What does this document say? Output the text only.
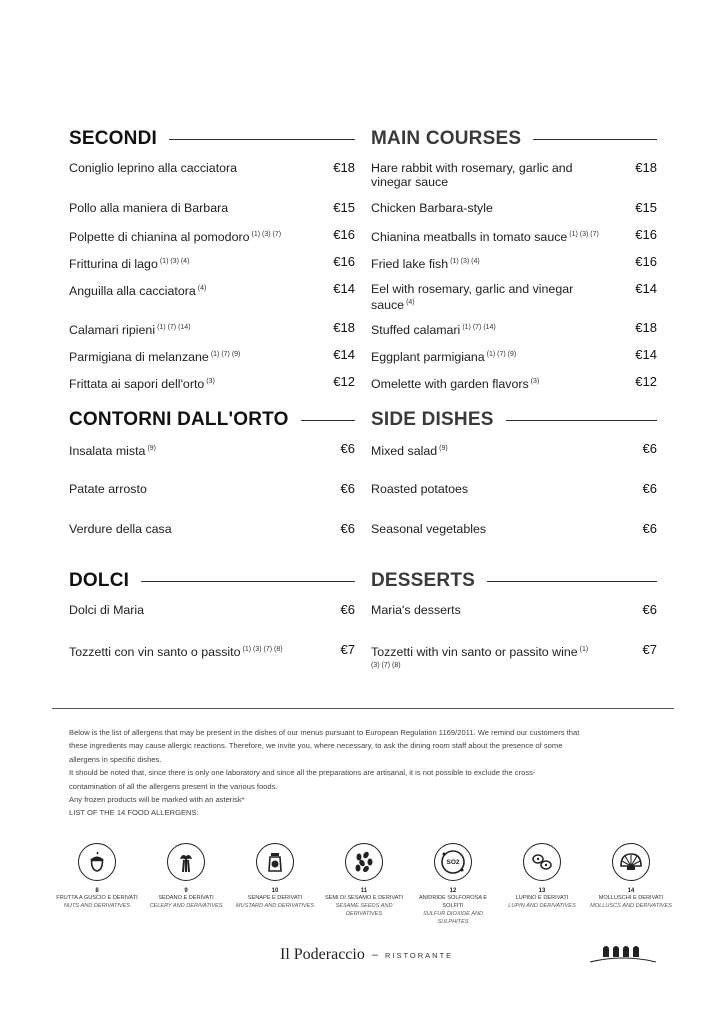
SECONDI
Coniglio leprino alla cacciatora	€18
Pollo alla maniera di Barbara	€15
Polpette di chianina al pomodoro $^{(1) (3) (7)}$	€16
Fritturina di lago $^{(1) (3) (4)}$	€16
Anguilla alla cacciatora $^{(4)}$	€14
Calamari ripieni $^{(1) (7) (14)}$	€18
Parmigiana di melanzane $^{(1) (7) (9)}$	€14
Frittata ai sapori dell'orto $^{(3)}$	€12
CONTORNI DALL'ORTO
Insalata mista $^{(9)}$	€6
Patate arrosto	€6
Verdure della casa	€6
DOLCI
Dolci di Maria	€6
Tozzetti con vin santo o passito $^{(1) (3) (7) (8)}$	€7
MAIN COURSES
Hare rabbit with rosemary, garlic and vinegar sauce
€18
Chicken Barbara-style	€15
Chianina meatballs in tomato sauce $^{(1) (3) (7)}$	€16
Fried lake fish $^{(1) (3) (4)}$	€16
Eel with rosemary, garlic and vinegar sauce $^{(4)}$
€14
Stuffed calamari $^{(1) (7) (14)}$	€18
Eggplant parmigiana $^{(1) (7) (9)}$	€14
Omelette with garden flavors $^{(3)}$	€12
SIDE DISHES
Mixed salad $^{(9)}$	€6
Roasted potatoes	€6
Seasonal vegetables	€6
DESSERTS
Maria's desserts	€6
Tozzetti with vin santo or passito wine $^{(1)}$
$^{(3) (7) (8)}$
€7

Below is the list of allergens that may be present in the dishes of our menus pursuant to European Regulation 1169/2011. We remind our customers that

these ingredients may cause allergic reactions. Therefore, we invite you, where necessary, to ask the dining room staff about the presence of some

allergens in specific dishes.

It should be noted that, since there is only one laboratory and since all the preparations are artisanal, it is not possible to exclude the cross-

contamination of all the allergens present in the various foods.

Any frozen products will be marked with an asterisk*

LIST OF THE 14 FOOD ALLERGENS:

8
FRUTTA A GUSCIO E DERIVATI
NUTS AND DERIVATIVES
9
SEDANO E DERIVATI
CELERY AND DERIVATIVES
10
SENAPE E DERIVATI
MUSTARD AND DERIVATIVES
11
SEMI DI SESAMO E DERIVATI
SESAME SEEDS AND DERIVATIVES
SO2
12
ANIDRIDE SOLFOROSA E SOLFITI
SULFUR DIOXIDE AND SULPHITES
13
LUPINO E DERIVATI
LUPIN AND DERIVATIVES
14
MOLLUSCHI E DERIVATI
MOLLUSCS AND DERIVATIVES
Il Poderaccio – RISTORANTE
